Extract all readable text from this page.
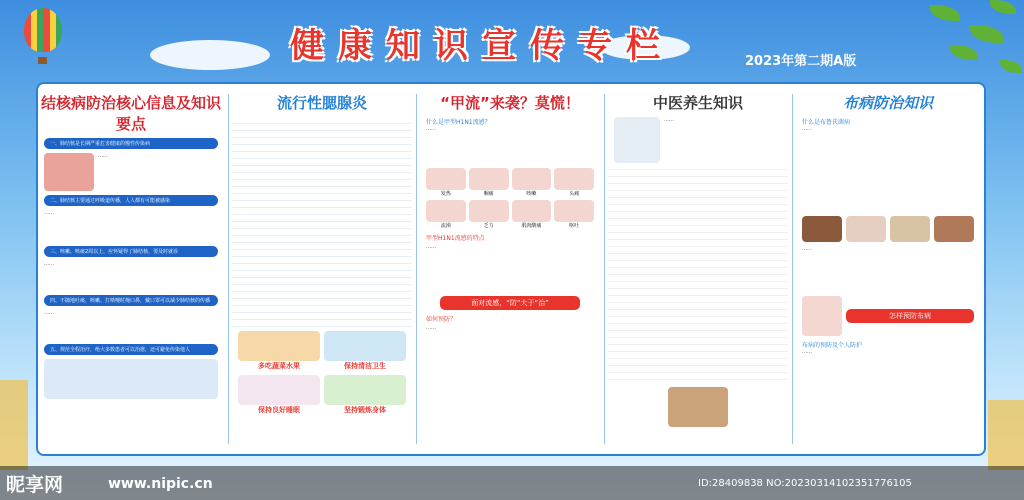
健康知识宣传专栏	2023年第二期A版
结核病防治核心信息及知识要点
一、肺结核是长期严重危害健康的慢性传染病
……
二、肺结核主要通过呼吸道传播，人人都有可能被感染
……
三、咳嗽、咳痰2周以上，应怀疑得了肺结核，要及时就诊
……
四、不随地吐痰，咳嗽、打喷嚏时掩口鼻，戴口罩可以减少肺结核的传播
……
五、规范全程治疗，绝大多数患者可以治愈，还可避免传染他人
流行性腮腺炎
多吃蔬菜水果	保持清洁卫生
保持良好睡眠	坚持锻炼身体
“甲流”来袭？莫慌！
什么是甲型H1N1流感？
……
发热	咽痛	咳嗽	头痛
流涕	乏力	肌肉酸痛	呕吐
甲型H1N1流感的特点
……
面对流感，“防”大于“治”
如何预防？
……
中医养生知识
……
布病防治知识
什么是布鲁氏菌病
……
……
怎样预防布病
布病的预防及个人防护
……
昵享网	www.nipic.cn	ID:28409838 NO:20230314102351776105
